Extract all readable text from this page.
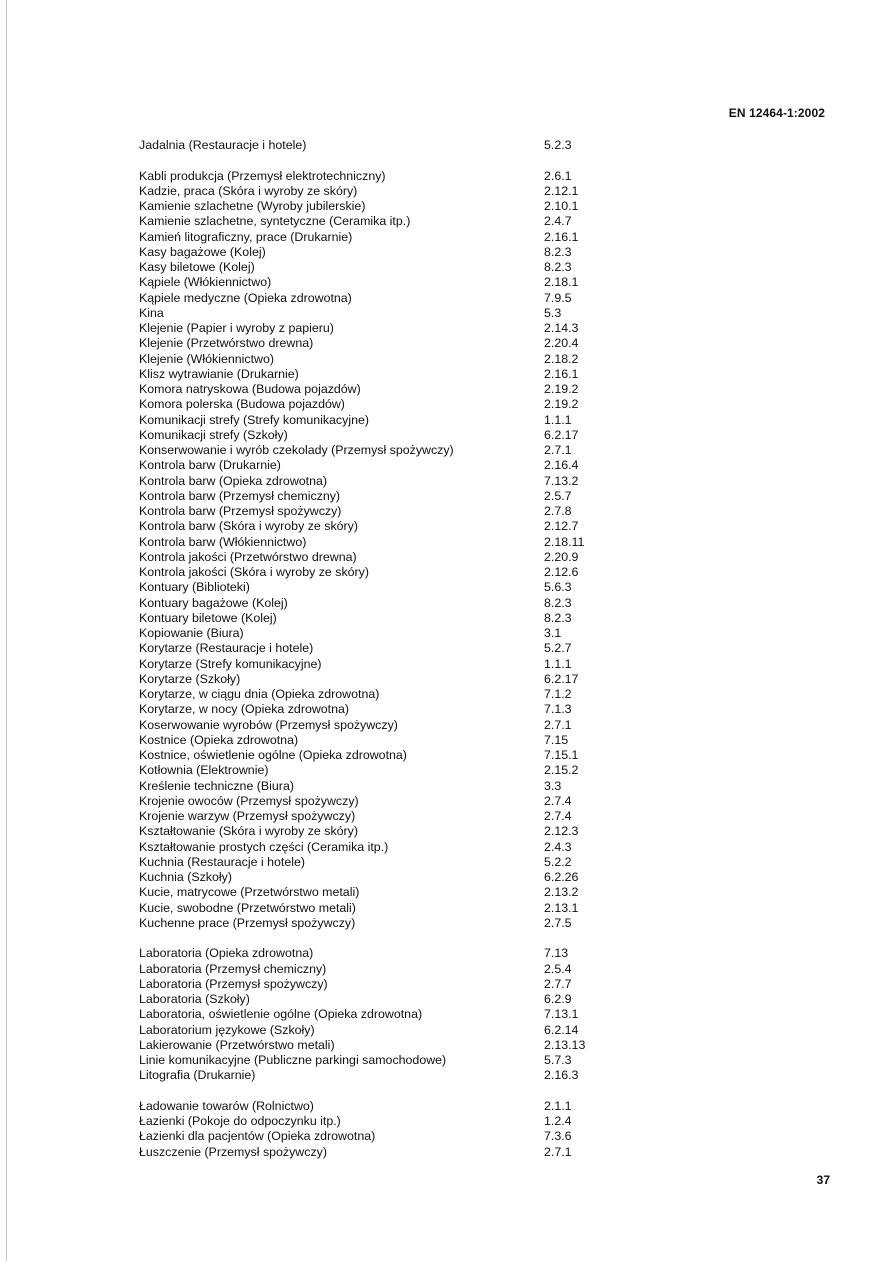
EN 12464-1:2002
Jadalnia (Restauracje i hotele)	5.2.3
Kabli produkcja (Przemysł elektrotechniczny)	2.6.1
Kadzie, praca (Skóra i wyroby ze skóry)	2.12.1
Kamienie szlachetne (Wyroby jubilerskie)	2.10.1
Kamienie szlachetne, syntetyczne (Ceramika itp.)	2.4.7
Kamień litograficzny, prace (Drukarnie)	2.16.1
Kasy bagażowe (Kolej)	8.2.3
Kasy biletowe (Kolej)	8.2.3
Kąpiele (Włókiennictwo)	2.18.1
Kąpiele medyczne (Opieka zdrowotna)	7.9.5
Kina	5.3
Klejenie (Papier i wyroby z papieru)	2.14.3
Klejenie (Przetwórstwo drewna)	2.20.4
Klejenie (Włókiennictwo)	2.18.2
Klisz wytrawianie (Drukarnie)	2.16.1
Komora natryskowa (Budowa pojazdów)	2.19.2
Komora polerska (Budowa pojazdów)	2.19.2
Komunikacji strefy (Strefy komunikacyjne)	1.1.1
Komunikacji strefy (Szkoły)	6.2.17
Konserwowanie i wyrób czekolady (Przemysł spożywczy)	2.7.1
Kontrola barw (Drukarnie)	2.16.4
Kontrola barw (Opieka zdrowotna)	7.13.2
Kontrola barw (Przemysł chemiczny)	2.5.7
Kontrola barw (Przemysł spożywczy)	2.7.8
Kontrola barw (Skóra i wyroby ze skóry)	2.12.7
Kontrola barw (Włókiennictwo)	2.18.11
Kontrola jakości (Przetwórstwo drewna)	2.20.9
Kontrola jakości (Skóra i wyroby ze skóry)	2.12.6
Kontuary (Biblioteki)	5.6.3
Kontuary bagażowe (Kolej)	8.2.3
Kontuary biletowe (Kolej)	8.2.3
Kopiowanie (Biura)	3.1
Korytarze (Restauracje i hotele)	5.2.7
Korytarze (Strefy komunikacyjne)	1.1.1
Korytarze (Szkoły)	6.2.17
Korytarze, w ciągu dnia (Opieka zdrowotna)	7.1.2
Korytarze, w nocy (Opieka zdrowotna)	7.1.3
Koserwowanie wyrobów (Przemysł spożywczy)	2.7.1
Kostnice (Opieka zdrowotna)	7.15
Kostnice, oświetlenie ogólne (Opieka zdrowotna)	7.15.1
Kotłownia (Elektrownie)	2.15.2
Kreślenie techniczne (Biura)	3.3
Krojenie owoców (Przemysł spożywczy)	2.7.4
Krojenie warzyw (Przemysł spożywczy)	2.7.4
Kształtowanie (Skóra i wyroby ze skóry)	2.12.3
Kształtowanie prostych części (Ceramika itp.)	2.4.3
Kuchnia (Restauracje i hotele)	5.2.2
Kuchnia (Szkoły)	6.2.26
Kucie, matrycowe (Przetwórstwo metali)	2.13.2
Kucie, swobodne (Przetwórstwo metali)	2.13.1
Kuchenne prace (Przemysł spożywczy)	2.7.5
Laboratoria (Opieka zdrowotna)	7.13
Laboratoria (Przemysł chemiczny)	2.5.4
Laboratoria (Przemysł spożywczy)	2.7.7
Laboratoria (Szkoły)	6.2.9
Laboratoria, oświetlenie ogólne (Opieka zdrowotna)	7.13.1
Laboratorium językowe (Szkoły)	6.2.14
Lakierowanie (Przetwórstwo metali)	2.13.13
Linie komunikacyjne (Publiczne parkingi samochodowe)	5.7.3
Litografia (Drukarnie)	2.16.3
Ładowanie towarów (Rolnictwo)	2.1.1
Łazienki (Pokoje do odpoczynku itp.)	1.2.4
Łazienki dla pacjentów (Opieka zdrowotna)	7.3.6
Łuszczenie (Przemysł spożywczy)	2.7.1
37
